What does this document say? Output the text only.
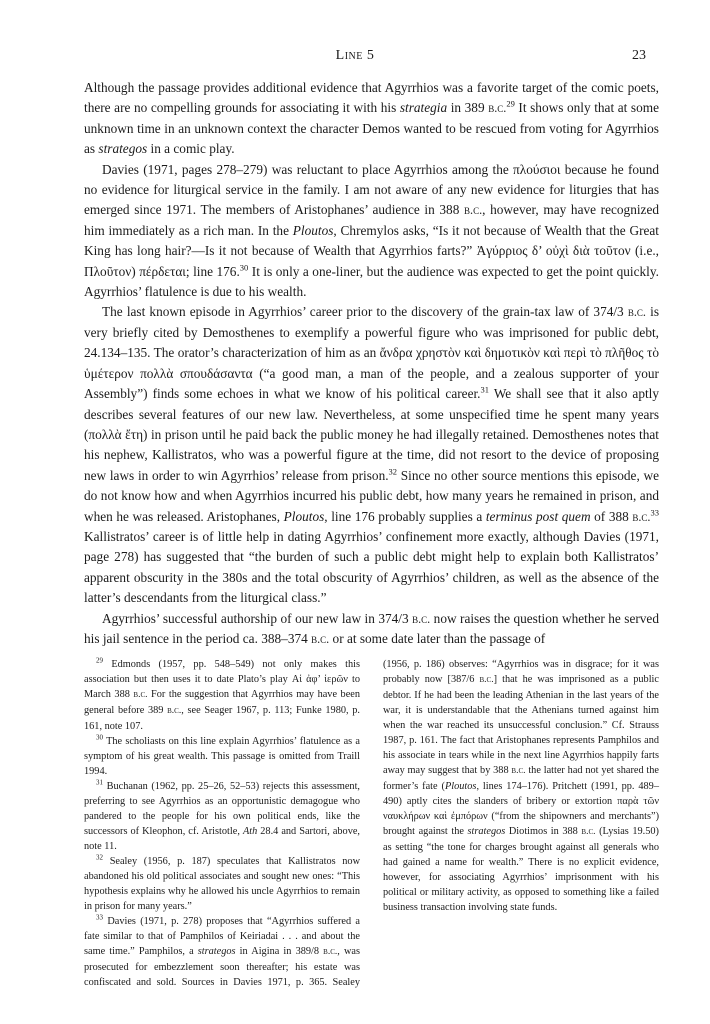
Line 5	23

Although the passage provides additional evidence that Agyrrhios was a favorite target of the comic poets, there are no compelling grounds for associating it with his strategia in 389 b.c.$^{29}$ It shows only that at some unknown time in an unknown context the character Demos wanted to be rescued from voting for Agyrrhios as strategos in a comic play.

Davies (1971, pages 278–279) was reluctant to place Agyrrhios among the πλούσιοι because he found no evidence for liturgical service in the family. I am not aware of any new evidence for liturgies that has emerged since 1971. The members of Aristophanes’ audience in 388 b.c., however, may have recognized him immediately as a rich man. In the Ploutos, Chremylos asks, “Is it not because of Wealth that the Great King has long hair?—Is it not because of Wealth that Agyrrhios farts?” Ἀγύρριος δ’ οὐχὶ διὰ τοῦτον (i.e., Πλοῦτον) πέρδεται; line 176.30 It is only a one-liner, but the audience was expected to get the point quickly. Agyrrhios’ flatulence is due to his wealth.

The last known episode in Agyrrhios’ career prior to the discovery of the grain-tax law of 374/3 b.c. is very briefly cited by Demosthenes to exemplify a powerful figure who was imprisoned for public debt, 24.134–135. The orator’s characterization of him as an ἄνδρα χρηστὸν καὶ δημοτικὸν καὶ περὶ τὸ πλῆθος τὸ ὑμέτερον πολλὰ σπουδάσαντα (“a good man, a man of the people, and a zealous supporter of your Assembly”) finds some echoes in what we know of his political career.$^{31}$ We shall see that it also aptly describes several features of our new law. Nevertheless, at some unspecified time he spent many years (πολλὰ ἔτη) in prison until he paid back the public money he had illegally retained. Demosthenes notes that his nephew, Kallistratos, who was a powerful figure at the time, did not resort to the device of proposing new laws in order to win Agyrrhios’ release from prison.$^{32}$ Since no other source mentions this episode, we do not know how and when Agyrrhios incurred his public debt, how many years he remained in prison, and when he was released. Aristophanes, Ploutos, line 176 probably supplies a terminus post quem of 388 b.c.$^{33}$ Kallistratos’ career is of little help in dating Agyrrhios’ confinement more exactly, although Davies (1971, page 278) has suggested that “the burden of such a public debt might help to explain both Kallistratos’ apparent obscurity in the 380s and the total obscurity of Agyrrhios’ children, as well as the absence of the latter’s descendants from the liturgical class.”

Agyrrhios’ successful authorship of our new law in 374/3 b.c. now raises the question whether he served his jail sentence in the period ca. 388–374 b.c. or at some date later than the passage of

$^{29}$ Edmonds (1957, pp. 548–549) not only makes this association but then uses it to date Plato’s play Αἱ ἀφ’ ἱερῶν to March 388 b.c. For the suggestion that Agyrrhios may have been general before 389 b.c., see Seager 1967, p. 113; Funke 1980, p. 161, note 107.

$^{30}$ The scholiasts on this line explain Agyrrhios’ flatulence as a symptom of his great wealth. This passage is omitted from Traill 1994.

$^{31}$ Buchanan (1962, pp. 25–26, 52–53) rejects this assessment, preferring to see Agyrrhios as an opportunistic demagogue who pandered to the people for his own political ends, like the successors of Kleophon, cf. Aristotle, Ath 28.4 and Sartori, above, note 11.

$^{32}$ Sealey (1956, p. 187) speculates that Kallistratos now abandoned his old political associates and sought new ones: “This hypothesis explains why he allowed his uncle Agyrrhios to remain in prison for many years.”

$^{33}$ Davies (1971, p. 278) proposes that “Agyrrhios suffered a fate similar to that of Pamphilos of Keiriadai . . . and about the same time.” Pamphilos, a strategos in Aigina in 389/8 b.c., was prosecuted for embezzlement soon thereafter; his estate was confiscated and sold. Sources in Davies 1971, p. 365. Sealey (1956, p. 186) observes: “Agyrrhios was in disgrace; for it was probably now [387/6 b.c.] that he was imprisoned as a public debtor. If he had been the leading Athenian in the last years of the war, it is understandable that the Athenians turned against him when the war reached its unsuccessful conclusion.” Cf. Strauss 1987, p. 161. The fact that Aristophanes represents Pamphilos and his associate in tears while in the next line Agyrrhios happily farts away may suggest that by 388 b.c. the latter had not yet shared the former’s fate (Ploutos, lines 174–176). Pritchett (1991, pp. 489–490) aptly cites the slanders of bribery or extortion παρὰ τῶν ναυκλήρων καὶ ἐμπόρων (“from the shipowners and merchants”) brought against the strategos Diotimos in 388 b.c. (Lysias 19.50) as setting “the tone for charges brought against all generals who had gained a name for wealth.” There is no explicit evidence, however, for associating Agyrrhios’ imprisonment with his political or military activity, as opposed to something like a failed business transaction involving state funds.
